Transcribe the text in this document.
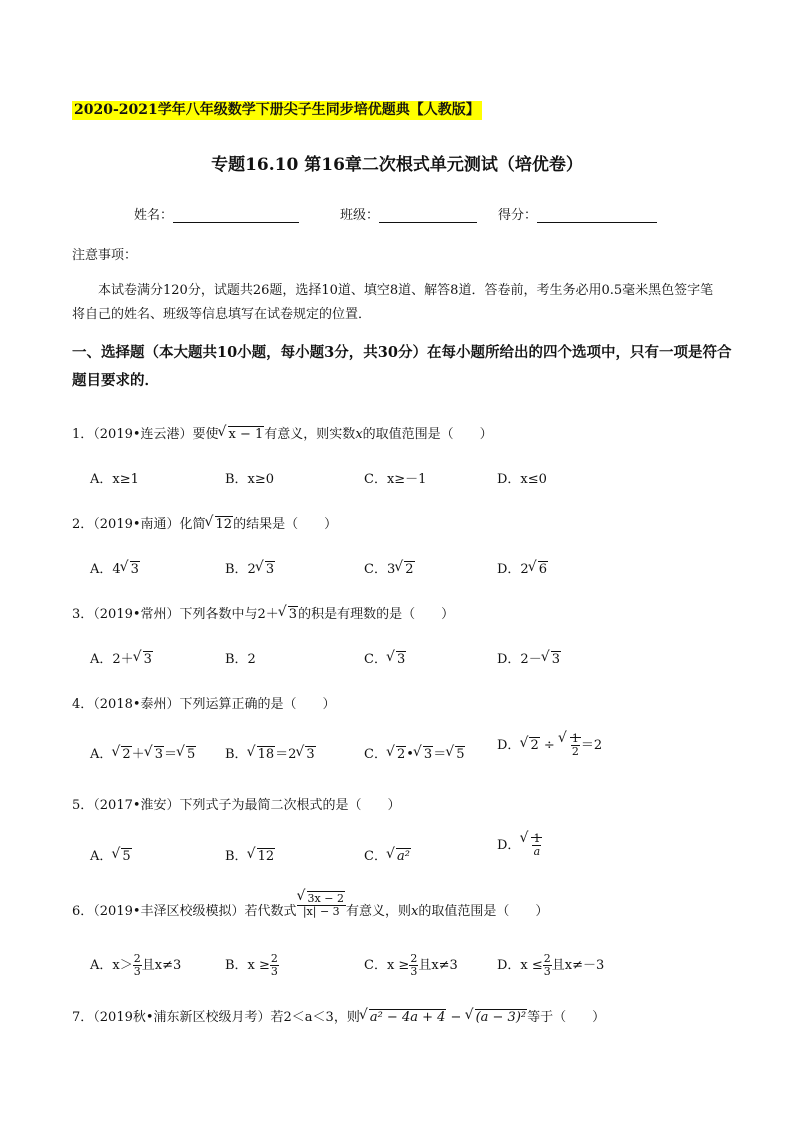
2020-2021学年八年级数学下册尖子生同步培优题典【人教版】
专题16.10 第16章二次根式单元测试（培优卷）
姓名：	班级：	得分：
注意事项：
本试卷满分120分，试题共26题，选择10道、填空8道、解答8道．答卷前，考生务必用0.5毫米黑色签字笔将自己的姓名、班级等信息填写在试卷规定的位置．
一、选择题（本大题共10小题，每小题3分，共30分）在每小题所给出的四个选项中，只有一项是符合题目要求的．
1．（2019•连云港）要使 √ x − 1有意义，则实数x的取值范围是（　　）
A．x≥1	B．x≥0	C．x≥－1	D．x≤0
2．（2019•南通）化简 √ 12的结果是（　　）
A．4 √ 3	B．2 √ 3	C．3 √ 2	D．2 √ 6
3．（2019•常州）下列各数中与2＋ √ 3的积是有理数的是（　　）
A．2＋ √ 3	B．2	C． √ 3	D．2－ √ 3
4．（2018•泰州）下列运算正确的是（　　）
A． √ 2＋ √ 3＝ √ 5 B． √ 18＝2 √ 3	C． √ 2• √ 3＝ √ 5
D． √ 2 ÷ √ $\frac{1}{2} =2$
5．（2017•淮安）下列式子为最简二次根式的是（　　）
A． √ 5	B． √ 12	C． √ a²
D． √ $\frac{1}{a}$
6．（2019•丰泽区校级模拟）若代数式 √ $\frac{3x - 2}{|x| - 3}$ 有意义，则x的取值范围是（　　）
A．$x> \frac{2}{3}$ 且x≠3	B．$x \ge \frac{2}{3}$	C．$x \ge \frac{2}{3}$ 且x≠3	D．$x \le \frac{2}{3}$ 且x≠－3
7．（2019秋•浦东新区校级月考）若2＜a＜3，则 √ a² − 4a + 4 − √ (a − 3)²等于（　　）
